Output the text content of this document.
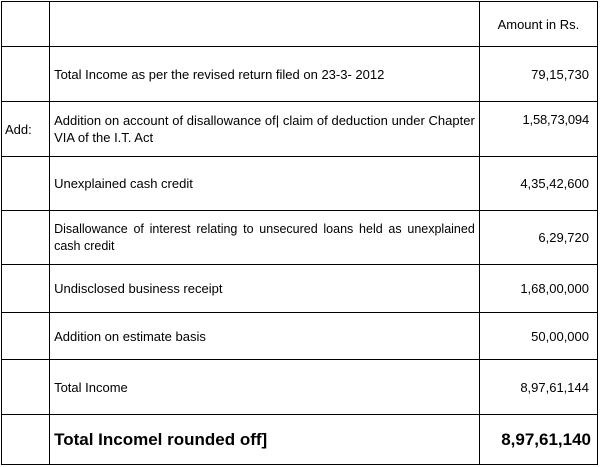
		Amount in Rs.
	Total Income as per the revised return filed on 23-3- 2012	79,15,730
Add:	Addition on account of disallowance of| claim of deduction under Chapter VIA of the I.T. Act	1,58,73,094
	Unexplained cash credit	4,35,42,600
	Disallowance of interest relating to unsecured loans held as unexplained cash credit	6,29,720
	Undisclosed business receipt	1,68,00,000
	Addition on estimate basis	50,00,000
	Total Income	8,97,61,144
	Total Incomel rounded off]	8,97,61,140
